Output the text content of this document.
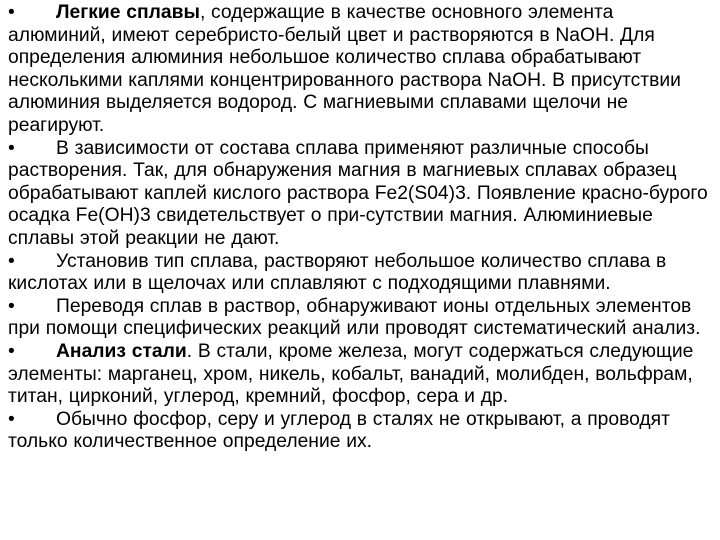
• Легкие сплавы, содержащие в качестве основного элемента алюминий, имеют серебристо-белый цвет и растворяются в NaOH. Для определения алюминия небольшое количество сплава обрабатывают несколькими каплями концентрированного раствора NaOH. В присутствии алюминия выделяется водород. С магниевыми сплавами щелочи не реагируют.

• В зависимости от состава сплава применяют различные способы растворения. Так, для обнаружения магния в магниевых сплавах образец обрабатывают каплей кислого раствора Fe2(S04)3. Появление красно-бурого осадка Fe(OH)3 свидетельствует о при-сутствии магния. Алюминиевые сплавы этой реакции не дают.

• Установив тип сплава, растворяют небольшое количество сплава в кислотах или в щелочах или сплавляют с подходящими плавнями.

• Переводя сплав в раствор, обнаруживают ионы отдельных элементов при помощи специфических реакций или проводят систематический анализ.

• Анализ стали. В стали, кроме железа, могут содержаться следующие элементы: марганец, хром, никель, кобальт, ванадий, молибден, вольфрам, титан, цирконий, углерод, кремний, фосфор, сера и др.

• Обычно фосфор, серу и углерод в сталях не открывают, а проводят только количественное определение их.
